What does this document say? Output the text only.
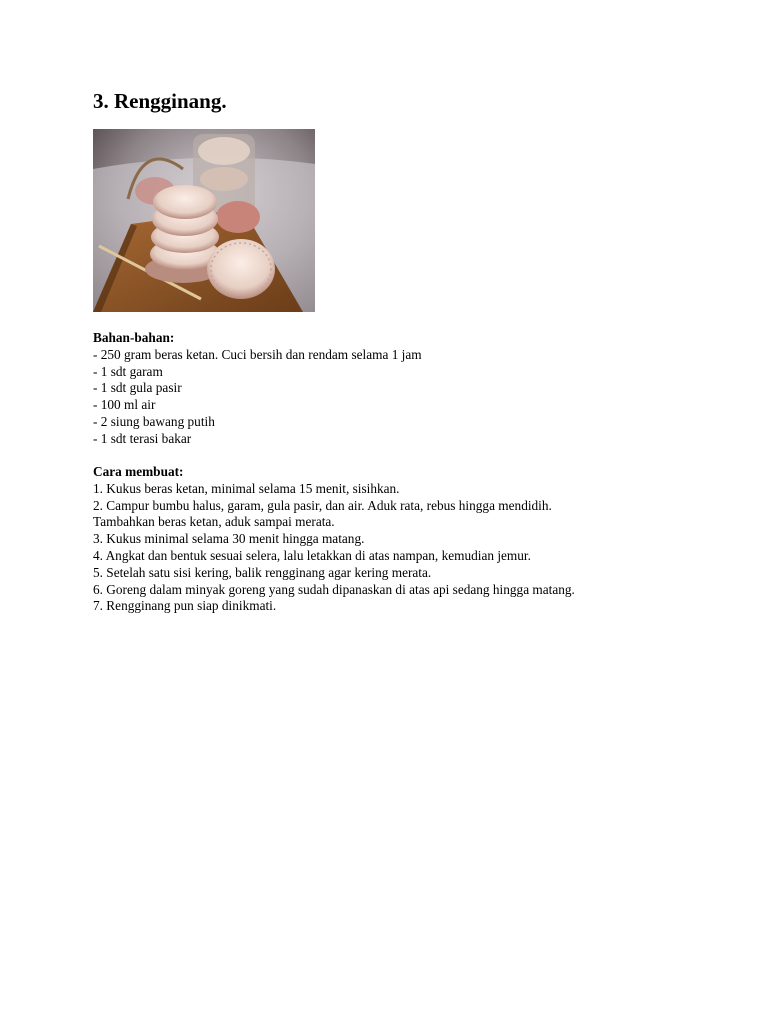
3. Rengginang.
Bahan-bahan:
- 250 gram beras ketan. Cuci bersih dan rendam selama 1 jam
- 1 sdt garam
- 1 sdt gula pasir
- 100 ml air
- 2 siung bawang putih
- 1 sdt terasi bakar
Cara membuat:
1. Kukus beras ketan, minimal selama 15 menit, sisihkan.
2. Campur bumbu halus, garam, gula pasir, dan air. Aduk rata, rebus hingga mendidih.
Tambahkan beras ketan, aduk sampai merata.
3. Kukus minimal selama 30 menit hingga matang.
4. Angkat dan bentuk sesuai selera, lalu letakkan di atas nampan, kemudian jemur.
5. Setelah satu sisi kering, balik rengginang agar kering merata.
6. Goreng dalam minyak goreng yang sudah dipanaskan di atas api sedang hingga matang.
7. Rengginang pun siap dinikmati.
